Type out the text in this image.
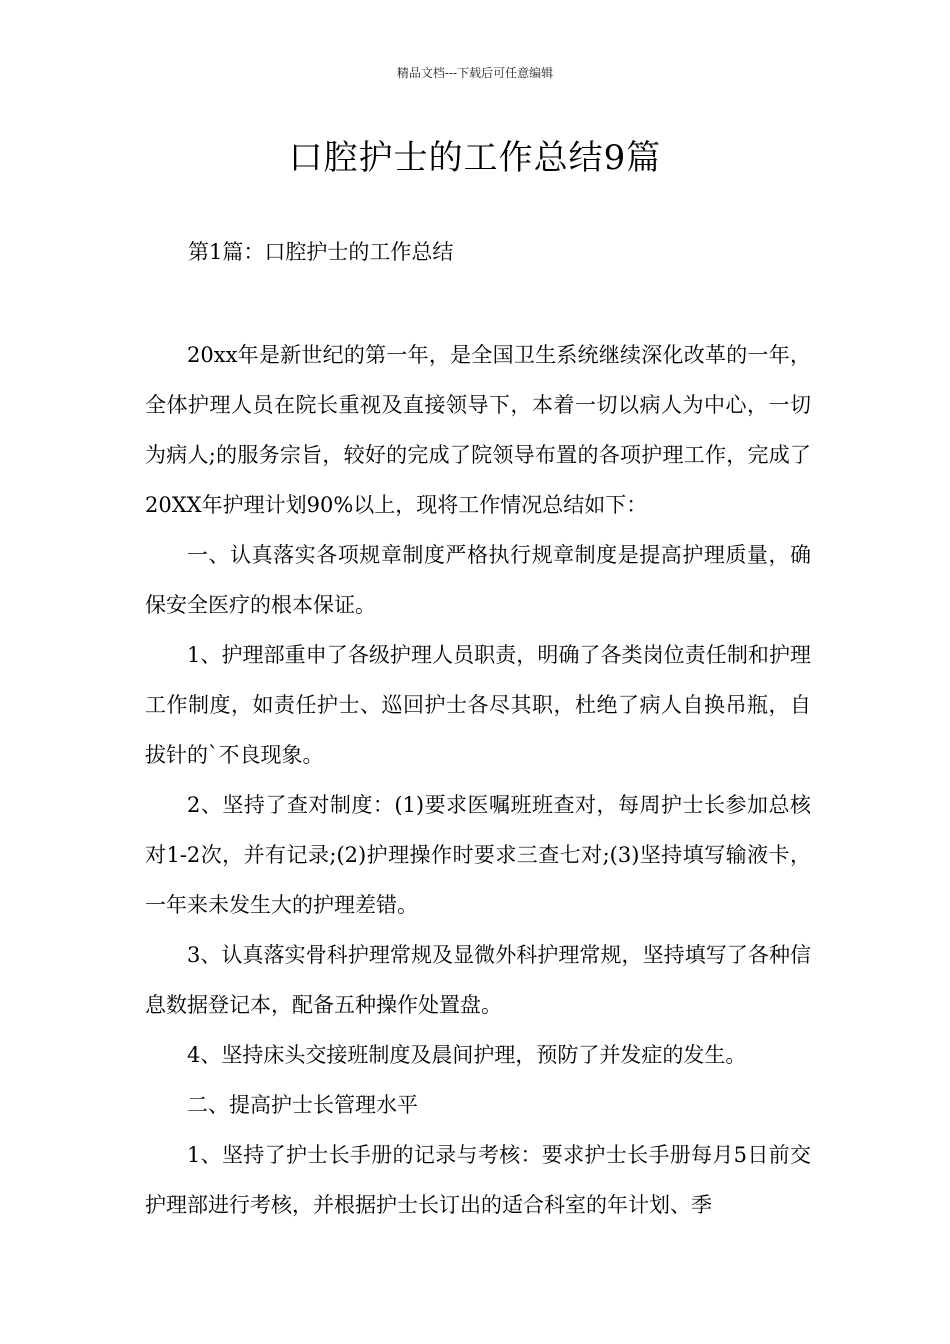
精品文档---下载后可任意编辑
口腔护士的工作总结9篇
第1篇：口腔护士的工作总结

20xx年是新世纪的第一年，是全国卫生系统继续深化改革的一年，全体护理人员在院长重视及直接领导下，本着一切以病人为中心，一切为病人;的服务宗旨，较好的完成了院领导布置的各项护理工作，完成了20XX年护理计划90%以上，现将工作情况总结如下：

一、认真落实各项规章制度严格执行规章制度是提高护理质量，确保安全医疗的根本保证。

1、护理部重申了各级护理人员职责，明确了各类岗位责任制和护理工作制度，如责任护士、巡回护士各尽其职，杜绝了病人自换吊瓶，自拔针的`不良现象。

2、坚持了查对制度：(1)要求医嘱班班查对，每周护士长参加总核对1-2次，并有记录;(2)护理操作时要求三查七对;(3)坚持填写输液卡，一年来未发生大的护理差错。

3、认真落实骨科护理常规及显微外科护理常规，坚持填写了各种信息数据登记本，配备五种操作处置盘。

4、坚持床头交接班制度及晨间护理，预防了并发症的发生。

二、提高护士长管理水平

1、坚持了护士长手册的记录与考核：要求护士长手册每月5日前交护理部进行考核，并根据护士长订出的适合科室的年计划、季
